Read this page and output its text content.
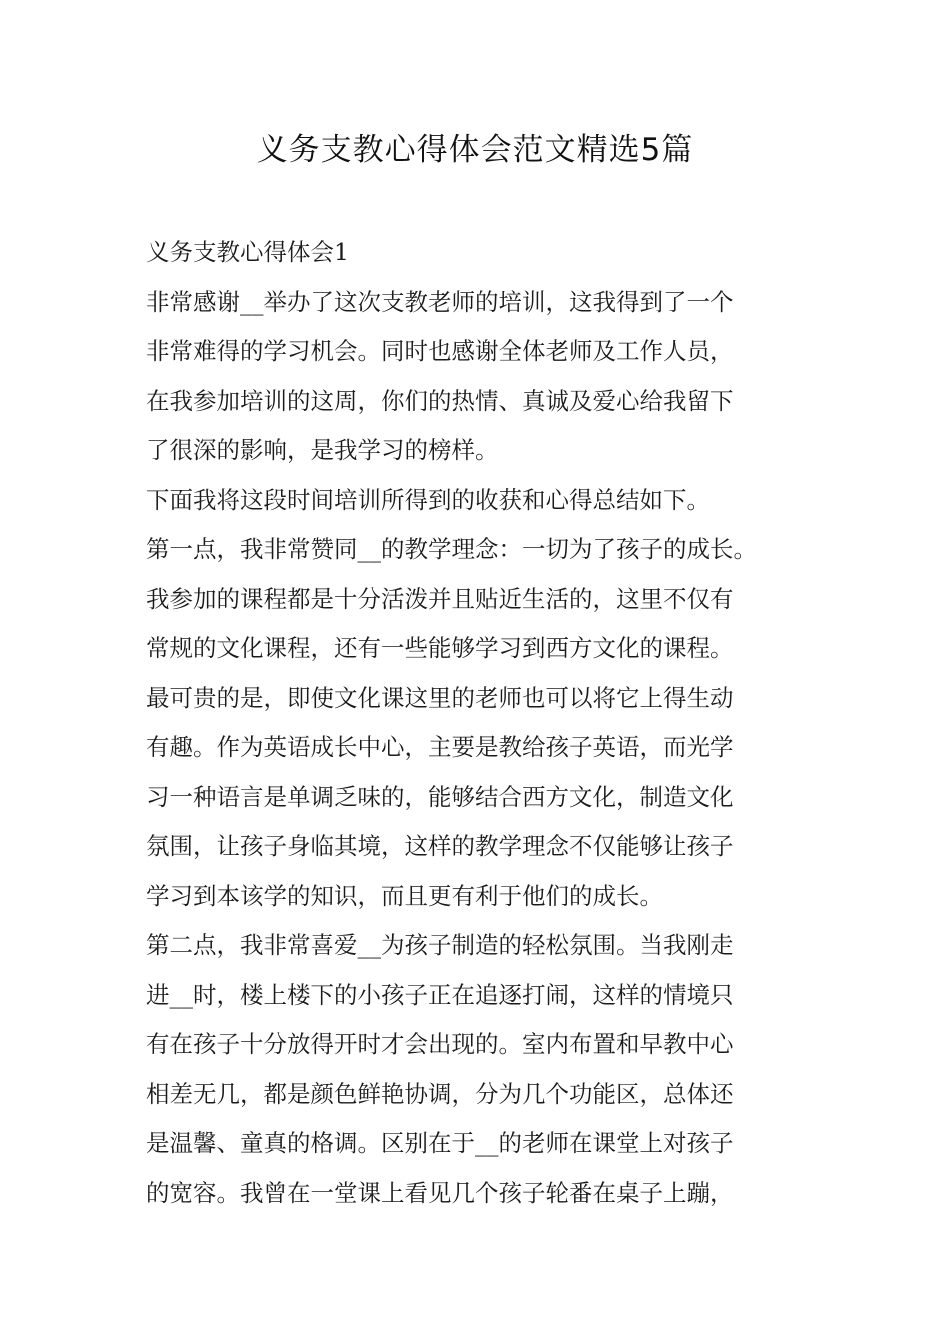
义务支教心得体会范文精选5篇
义务支教心得体会1
非常感谢__举办了这次支教老师的培训，这我得到了一个
非常难得的学习机会。同时也感谢全体老师及工作人员，
在我参加培训的这周，你们的热情、真诚及爱心给我留下
了很深的影响，是我学习的榜样。
下面我将这段时间培训所得到的收获和心得总结如下。
第一点，我非常赞同__的教学理念：一切为了孩子的成长。
我参加的课程都是十分活泼并且贴近生活的，这里不仅有
常规的文化课程，还有一些能够学习到西方文化的课程。
最可贵的是，即使文化课这里的老师也可以将它上得生动
有趣。作为英语成长中心，主要是教给孩子英语，而光学
习一种语言是单调乏味的，能够结合西方文化，制造文化
氛围，让孩子身临其境，这样的教学理念不仅能够让孩子
学习到本该学的知识，而且更有利于他们的成长。
第二点，我非常喜爱__为孩子制造的轻松氛围。当我刚走
进__时，楼上楼下的小孩子正在追逐打闹，这样的情境只
有在孩子十分放得开时才会出现的。室内布置和早教中心
相差无几，都是颜色鲜艳协调，分为几个功能区，总体还
是温馨、童真的格调。区别在于__的老师在课堂上对孩子
的宽容。我曾在一堂课上看见几个孩子轮番在桌子上蹦，
